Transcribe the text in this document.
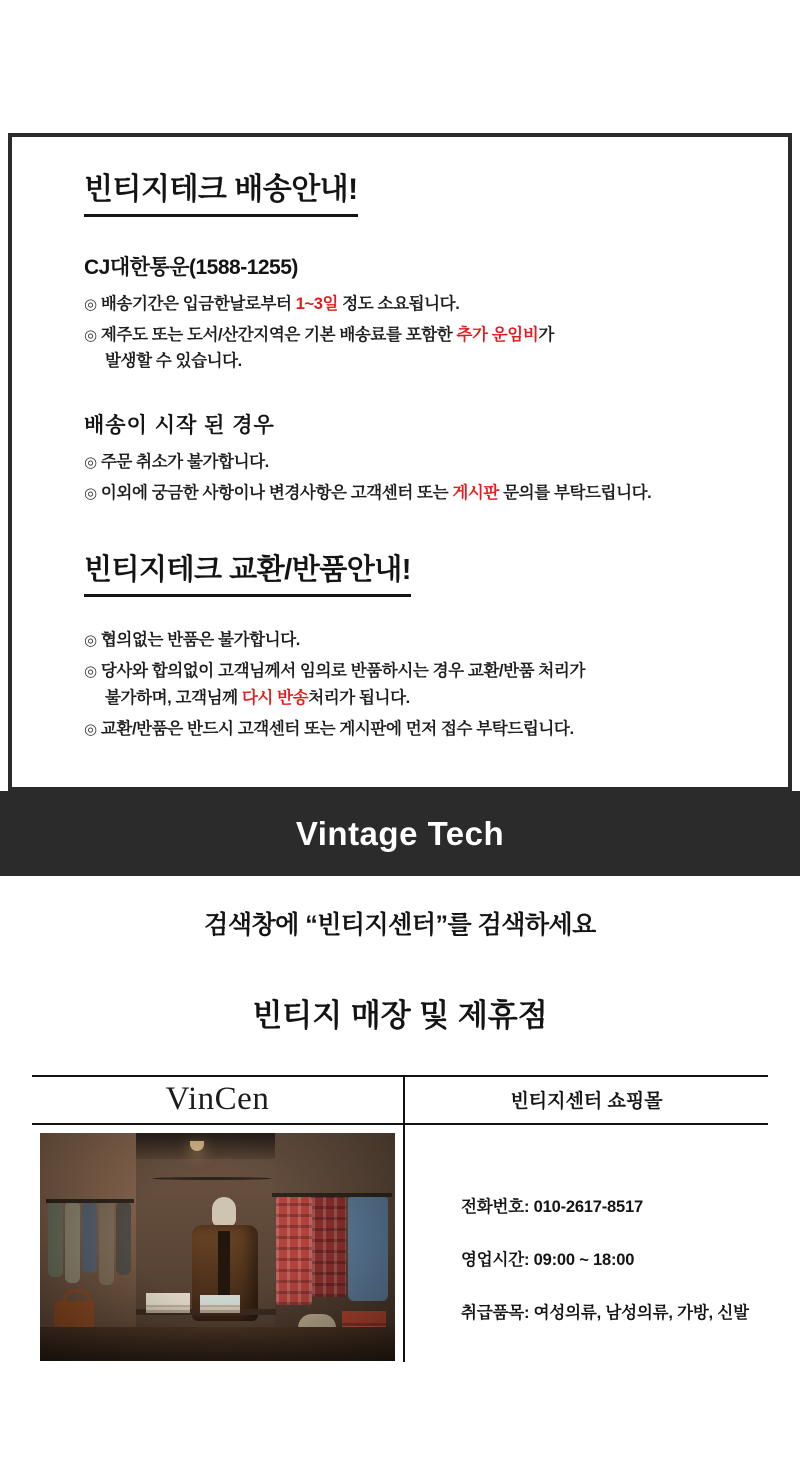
빈티지테크 배송안내!
CJ대한통운(1588-1255)
◎ 배송기간은 입금한날로부터 1~3일 정도 소요됩니다.
◎ 제주도 또는 도서/산간지역은 기본 배송료를 포함한 추가 운임비가
발생할 수 있습니다.
배송이 시작 된 경우
◎ 주문 취소가 불가합니다.
◎ 이외에 궁금한 사항이나 변경사항은 고객센터 또는 게시판 문의를 부탁드립니다.
빈티지테크 교환/반품안내!
◎ 협의없는 반품은 불가합니다.
◎ 당사와 합의없이 고객님께서 임의로 반품하시는 경우 교환/반품 처리가
불가하며, 고객님께 다시 반송처리가 됩니다.
◎ 교환/반품은 반드시 고객센터 또는 게시판에 먼저 접수 부탁드립니다.
Vintage Tech
검색창에 “빈티지센터”를 검색하세요
빈티지 매장 및 제휴점
VinCen	빈티지센터 쇼핑몰
전화번호: 010-2617-8517
영업시간: 09:00 ~ 18:00
취급품목: 여성의류, 남성의류, 가방, 신발
